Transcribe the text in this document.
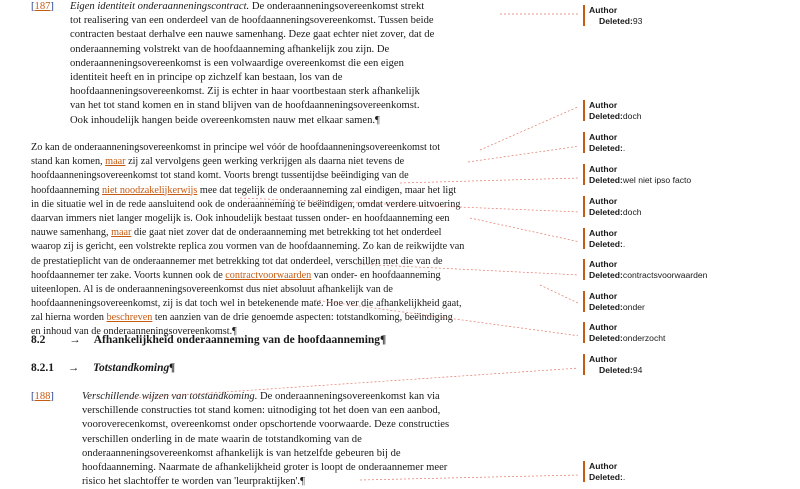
[187] Eigen identiteit onderaanneningscontract. De onderaanneningsovereenkomst strekt
tot realisering van een onderdeel van de hoofdaanneningsovereenkomst. Tussen beide
contracten bestaat derhalve een nauwe samenhang. Deze gaat echter niet zover, dat de
onderaanneming volstrekt van de hoofdaanneming afhankelijk zou zijn. De
onderaanneningsovereenkomst is een volwaardige overeenkomst die een eigen
identiteit heeft en in principe op zichzelf kan bestaan, los van de
hoofdaanneningsovereenkomst. Zij is echter in haar voortbestaan sterk afhankelijk
van het tot stand komen en in stand blijven van de hoofdaanneningsovereenkomst.
Ook inhoudelijk hangen beide overeenkomsten nauw met elkaar samen.¶
Zo kan de onderaanneningsovereenkomst in principe wel vóór de hoofdaanneningsovereenkomst tot
stand kan komen, maar zij zal vervolgens geen werking verkrijgen als daarna niet tevens de
hoofdaanneningsovereenkomst tot stand komt. Voorts brengt tussentijdse beëindiging van de
hoofdaanneming niet noodzakelijkerwijs mee dat tegelijk de onderaanneming zal eindigen, maar het ligt
in die situatie wel in de rede aansluitend ook de onderaanneming te beëindigen, omdat verdere uitvoering
daarvan immers niet langer mogelijk is. Ook inhoudelijk bestaat tussen onder- en hoofdaanneming een
nauwe samenhang, maar die gaat niet zover dat de onderaanneming met betrekking tot het onderdeel
waarop zij is gericht, een volstrekte replica zou vormen van de hoofdaanneming. Zo kan de reikwijdte van
de prestatieplicht van de onderaannemer met betrekking tot dat onderdeel, verschillen met die van de
hoofdaannemer ter zake. Voorts kunnen ook de contractvoorwaarden van onder- en hoofdaanneming
uiteenlopen. Al is de onderaanneningsovereenkomst dus niet absoluut afhankelijk van de
hoofdaanneningsovereenkomst, zij is dat toch wel in betekenende mate. Hoe ver die afhankelijkheid gaat,
zal hierna worden beschreven ten aanzien van de drie genoemde aspecten: totstandkoming, beëindiging
en inhoud van de onderaanneningsovereenkomst.¶
8.2 → Afhankelijkheid onderaanneming van de hoofdaanneming¶
8.2.1 → Totstandkoming¶
[188]	Verschillende wijzen van totstandkoming. De onderaanneningsovereenkomst kan via
verschillende constructies tot stand komen: uitnodiging tot het doen van een aanbod,
vooroverecenkomst, overeenkomst onder opschortende voorwaarde. Deze constructies
verschillen onderling in de mate waarin de totstandkoming van de
onderaanneningsovereenkomst afhankelijk is van hetzelfde gebeuren bij de
hoofdaanneming. Naarmate de afhankelijkheid groter is loopt de onderaannemer meer
risico het slachtoffer te worden van 'leurpraktijken'.¶
Author
Deleted:93
Author
Deleted:doch
Author
Deleted:.
Author
Deleted:wel niet ipso facto
Author
Deleted:doch
Author
Deleted:.
Author
Deleted:contractsvoorwaarden
Author
Deleted:onder
Author
Deleted:onderzocht
Author
Deleted:94
Author
Deleted:.
